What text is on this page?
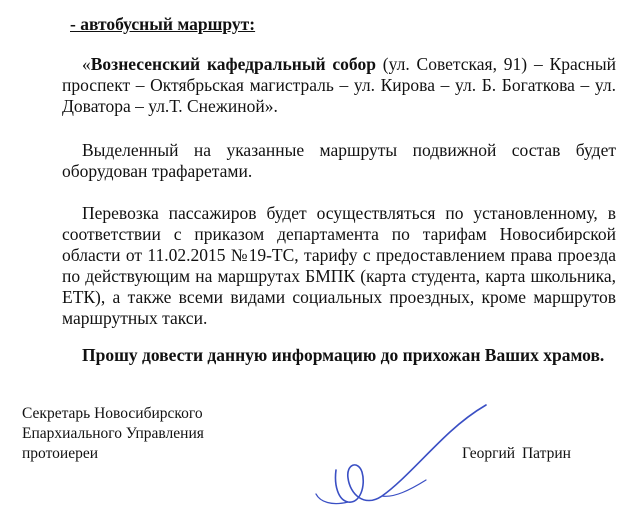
- автобусный маршрут:
«Вознесенский кафедральный собор (ул. Советская, 91) – Красный проспект – Октябрьская магистраль – ул. Кирова – ул. Б. Богаткова – ул. Доватора – ул.Т. Снежиной».
Выделенный на указанные маршруты подвижной состав будет оборудован трафаретами.
Перевозка пассажиров будет осуществляться по установленному, в соответствии с приказом департамента по тарифам Новосибирской области от 11.02.2015 №19-ТС, тарифу с предоставлением права проезда по действующим на маршрутах БМПК (карта студента, карта школьника, ЕТК), а также всеми видами социальных проездных, кроме маршрутов маршрутных такси.
Прошу довести данную информацию до прихожан Ваших храмов.
Секретарь Новосибирского
Епархиального Управления
протоиереи	Георгий Патрин
